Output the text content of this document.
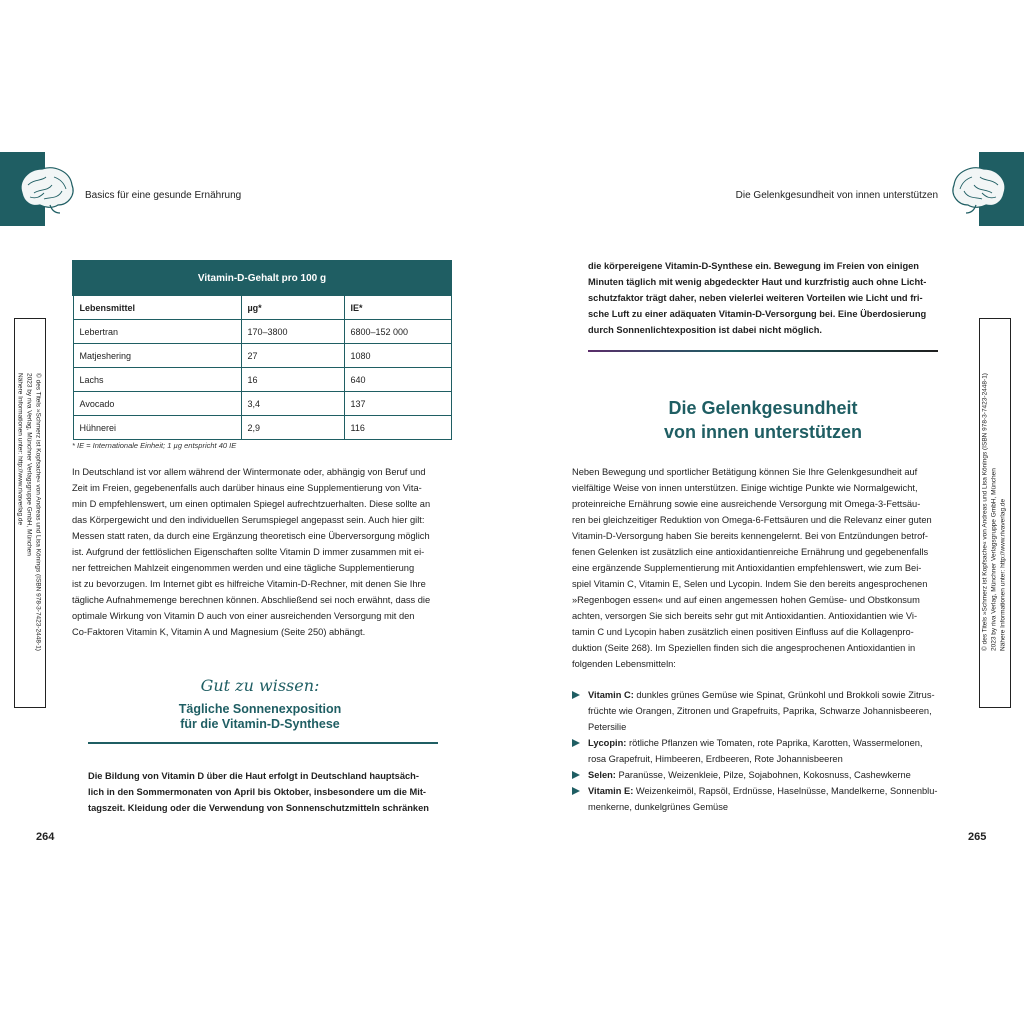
Basics für eine gesunde Ernährung
Vitamin-D-Gehalt pro 100 g		
Lebensmittel	µg*	IE*
Lebertran	170–3800	6800–152 000
Matjeshering	27	1080
Lachs	16	640
Avocado	3,4	137
Hühnerei	2,9	116
* IE = Internationale Einheit; 1 µg entspricht 40 IE
In Deutschland ist vor allem während der Wintermonate oder, abhängig von Beruf und
Zeit im Freien, gegebenenfalls auch darüber hinaus eine Supplementierung von Vita-
min D empfehlenswert, um einen optimalen Spiegel aufrechtzuerhalten. Diese sollte an
das Körpergewicht und den individuellen Serumspiegel angepasst sein. Auch hier gilt:
Messen statt raten, da durch eine Ergänzung theoretisch eine Überversorgung möglich
ist. Aufgrund der fettlöslichen Eigenschaften sollte Vitamin D immer zusammen mit ei-
ner fettreichen Mahlzeit eingenommen werden und eine tägliche Supplementierung
ist zu bevorzugen. Im Internet gibt es hilfreiche Vitamin-D-Rechner, mit denen Sie Ihre
tägliche Aufnahmemenge berechnen können. Abschließend sei noch erwähnt, dass die
optimale Wirkung von Vitamin D auch von einer ausreichenden Versorgung mit den
Co-Faktoren Vitamin K, Vitamin A und Magnesium (Seite 250) abhängt.
Gut zu wissen:
Tägliche Sonnenexposition
für die Vitamin-D-Synthese
Die Bildung von Vitamin D über die Haut erfolgt in Deutschland hauptsäch-
lich in den Sommermonaten von April bis Oktober, insbesondere um die Mit-
tagszeit. Kleidung oder die Verwendung von Sonnenschutzmitteln schränken
264
© des Titels »Schmerz ist Kopfsache« von Andreas und Lisa Könings (ISBN 978-3-7423-2448-1)
2023 by riva Verlag, Münchner Verlagsgruppe GmbH, München
Nähere Informationen unter: http://www.rivaverlag.de
Die Gelenkgesundheit von innen unterstützen
die körpereigene Vitamin-D-Synthese ein. Bewegung im Freien von einigen
Minuten täglich mit wenig abgedeckter Haut und kurzfristig auch ohne Licht-
schutzfaktor trägt daher, neben vielerlei weiteren Vorteilen wie Licht und fri-
sche Luft zu einer adäquaten Vitamin-D-Versorgung bei. Eine Überdosierung
durch Sonnenlichtexposition ist dabei nicht möglich.
Die Gelenkgesundheit
von innen unterstützen
Neben Bewegung und sportlicher Betätigung können Sie Ihre Gelenkgesundheit auf
vielfältige Weise von innen unterstützen. Einige wichtige Punkte wie Normalgewicht,
proteinreiche Ernährung sowie eine ausreichende Versorgung mit Omega-3-Fettsäu-
ren bei gleichzeitiger Reduktion von Omega-6-Fettsäuren und die Relevanz einer guten
Vitamin-D-Versorgung haben Sie bereits kennengelernt. Bei von Entzündungen betrof-
fenen Gelenken ist zusätzlich eine antioxidantienreiche Ernährung und gegebenenfalls
eine ergänzende Supplementierung mit Antioxidantien empfehlenswert, wie zum Bei-
spiel Vitamin C, Vitamin E, Selen und Lycopin. Indem Sie den bereits angesprochenen
»Regenbogen essen« und auf einen angemessen hohen Gemüse- und Obstkonsum
achten, versorgen Sie sich bereits sehr gut mit Antioxidantien. Antioxidantien wie Vi-
tamin C und Lycopin haben zusätzlich einen positiven Einfluss auf die Kollagenpro-
duktion (Seite 268). Im Speziellen finden sich die angesprochenen Antioxidantien in
folgenden Lebensmitteln:
Vitamin C: dunkles grünes Gemüse wie Spinat, Grünkohl und Brokkoli sowie Zitrus-
früchte wie Orangen, Zitronen und Grapefruits, Paprika, Schwarze Johannisbeeren,
Petersilie
Lycopin: rötliche Pflanzen wie Tomaten, rote Paprika, Karotten, Wassermelonen,
rosa Grapefruit, Himbeeren, Erdbeeren, Rote Johannisbeeren
Selen: Paranüsse, Weizenkleie, Pilze, Sojabohnen, Kokosnuss, Cashewkerne
Vitamin E: Weizenkeimöl, Rapsöl, Erdnüsse, Haselnüsse, Mandelkerne, Sonnenblu-
menkerne, dunkelgrünes Gemüse
265
© des Titels »Schmerz ist Kopfsache« von Andreas und Lisa Könings (ISBN 978-3-7423-2448-1) 2023 by riva Verlag, Münchner Verlagsgruppe GmbH, München Nähere Informationen unter: http://www.rivaverlag.de
